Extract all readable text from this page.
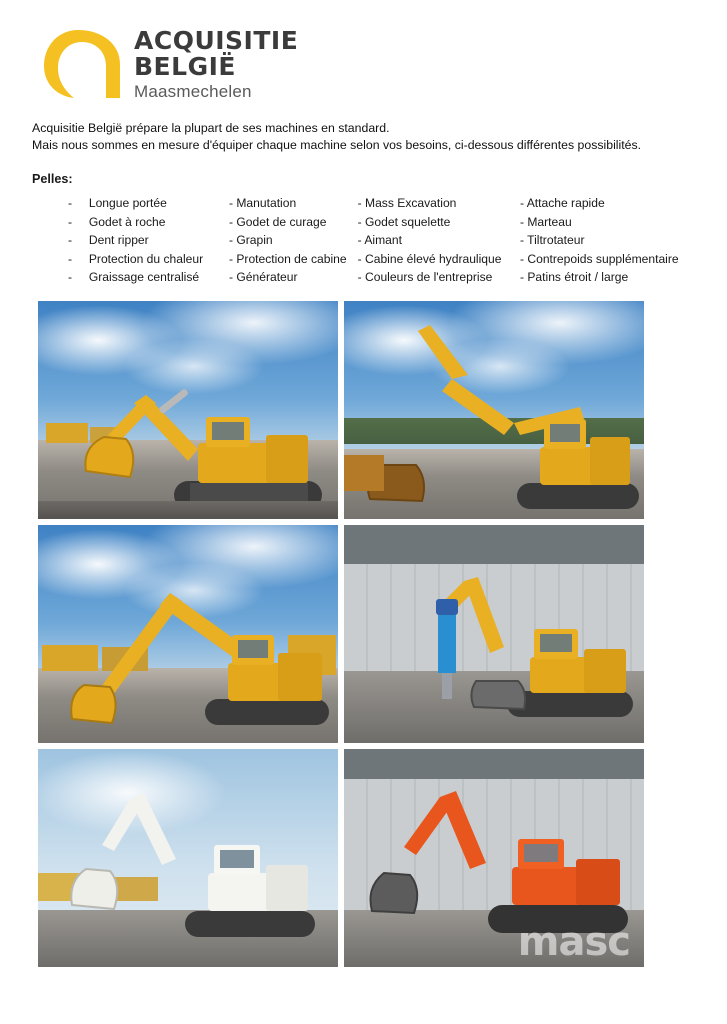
ACQUISITIE
BELGIË
Maasmechelen
Acquisitie België prépare la plupart de ses machines en standard.
Mais nous sommes en mesure d'équiper chaque machine selon vos besoins, ci-dessous différentes possibilités.
Pelles:
-	Longue portée	- Manutation	- Mass Excavation	- Attache rapide
-	Godet à roche	- Godet de curage	- Godet squelette	- Marteau
-	Dent ripper	- Grapin	- Aimant	- Tiltrotateur
-	Protection du chaleur	- Protection de cabine	- Cabine élevé hydraulique	- Contrepoids supplémentaire
-	Graissage centralisé	- Générateur	- Couleurs de l'entreprise	- Patins étroit / large
masc
